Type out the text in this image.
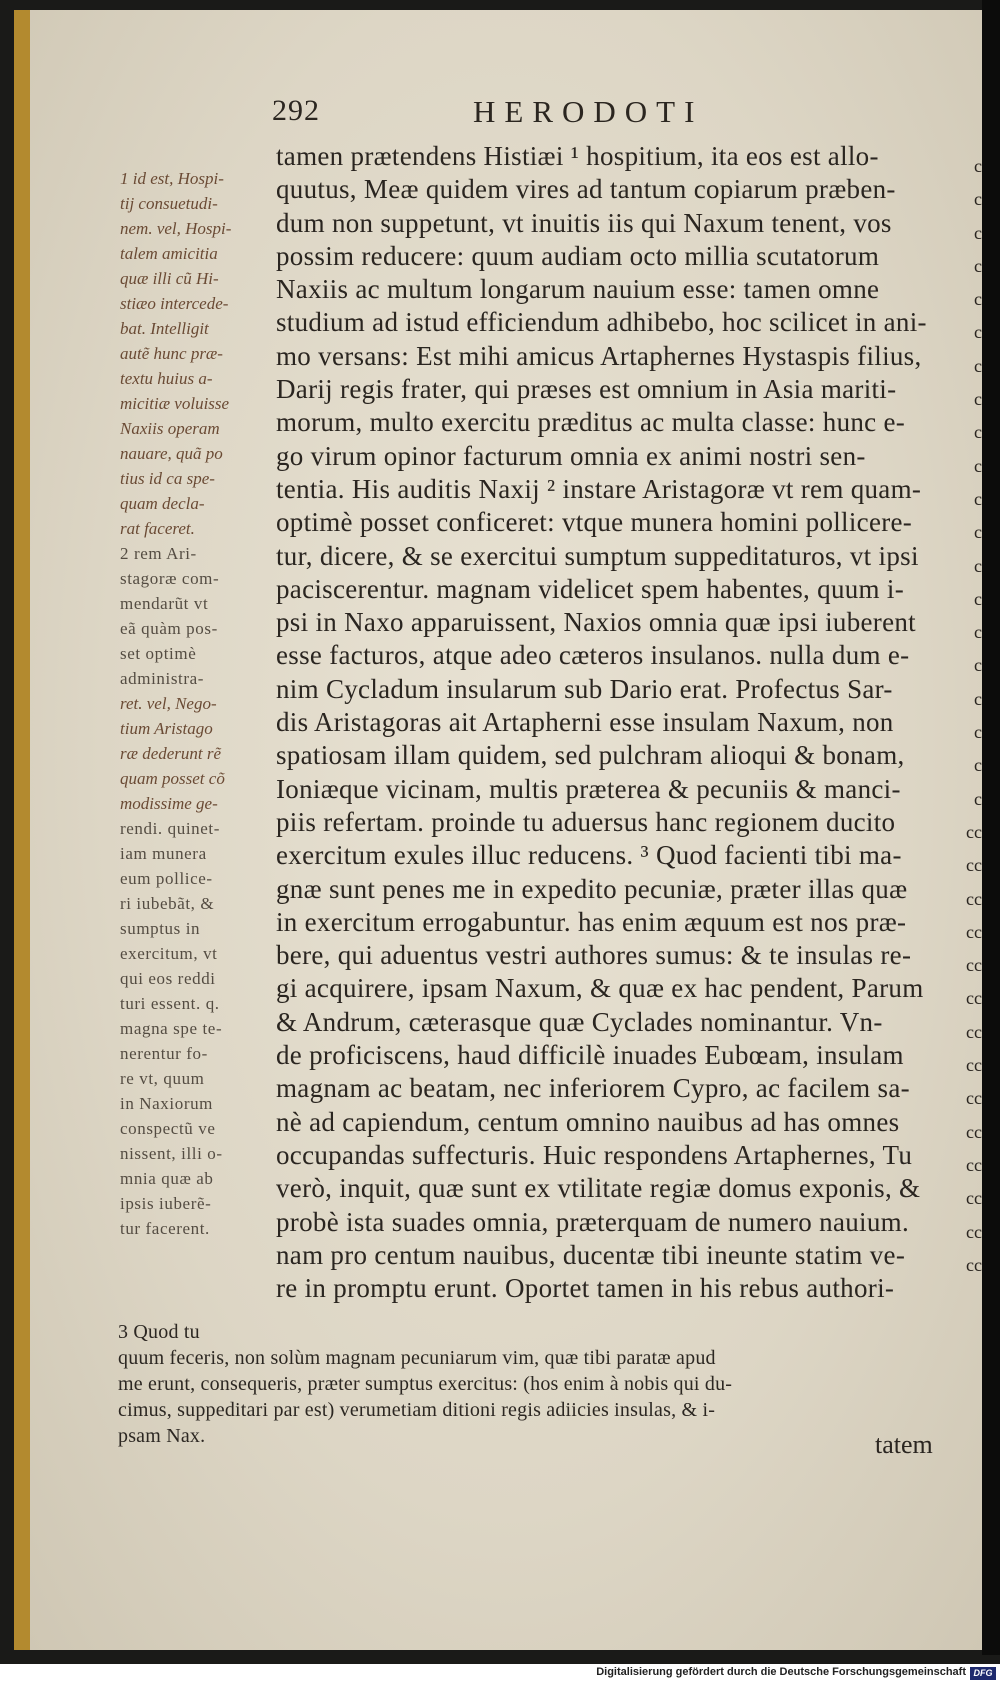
292	HERODOTI
1 id est, Hospi-
tij consuetudi-
nem. vel, Hospi-
talem amicitia
quæ illi cũ Hi-
stiæo intercede-
bat. Intelligit
autẽ hunc præ-
textu huius a-
micitiæ voluisse
Naxiis operam
nauare, quã po
tius id ca spe-
quam decla-
rat faceret.
2 rem Ari-
stagoræ com-
mendarũt vt
eã quàm pos-
set optimè
administra-
ret. vel, Nego-
tium Aristago
ræ dederunt rẽ
quam posset cõ
modissime ge-
rendi. quinet-
iam munera
eum pollice-
ri iubebãt, &
sumptus in
exercitum, vt
qui eos reddi
turi essent. q.
magna spe te-
nerentur fo-
re vt, quum
in Naxiorum
conspectũ ve
nissent, illi o-
mnia quæ ab
ipsis iuberẽ-
tur facerent.
tamen prætendens Histiæi ¹ hospitium, ita eos est allo-
quutus, Meæ quidem vires ad tantum copiarum præben-
dum non suppetunt, vt inuitis iis qui Naxum tenent, vos
possim reducere: quum audiam octo millia scutatorum
Naxiis ac multum longarum nauium esse: tamen omne
studium ad istud efficiendum adhibebo, hoc scilicet in ani-
mo versans: Est mihi amicus Artaphernes Hystaspis filius,
Darij regis frater, qui præses est omnium in Asia mariti-
morum, multo exercitu præditus ac multa classe: hunc e-
go virum opinor facturum omnia ex animi nostri sen-
tentia. His auditis Naxij ² instare Aristagoræ vt rem quam-
optimè posset conficeret: vtque munera homini pollicere-
tur, dicere, & se exercitui sumptum suppeditaturos, vt ipsi
paciscerentur. magnam videlicet spem habentes, quum i-
psi in Naxo apparuissent, Naxios omnia quæ ipsi iuberent
esse facturos, atque adeo cæteros insulanos. nulla dum e-
nim Cycladum insularum sub Dario erat. Profectus Sar-
dis Aristagoras ait Artapherni esse insulam Naxum, non
spatiosam illam quidem, sed pulchram alioqui & bonam,
Ioniæque vicinam, multis præterea & pecuniis & manci-
piis refertam. proinde tu aduersus hanc regionem ducito
exercitum exules illuc reducens. ³ Quod facienti tibi ma-
gnæ sunt penes me in expedito pecuniæ, præter illas quæ
in exercitum errogabuntur. has enim æquum est nos præ-
bere, qui aduentus vestri authores sumus: & te insulas re-
gi acquirere, ipsam Naxum, & quæ ex hac pendent, Parum
& Andrum, cæterasque quæ Cyclades nominantur. Vn-
de proficiscens, haud difficilè inuades Eubœam, insulam
magnam ac beatam, nec inferiorem Cypro, ac facilem sa-
nè ad capiendum, centum omnino nauibus ad has omnes
occupandas suffecturis. Huic respondens Artaphernes, Tu
verò, inquit, quæ sunt ex vtilitate regiæ domus exponis, &
probè ista suades omnia, præterquam de numero nauium.
nam pro centum nauibus, ducentæ tibi ineunte statim ve-
re in promptu erunt. Oportet tamen in his rebus authori-
c
c
c
c
c
c
c
c
c
c
c
c
c
c
c
c
c
c
c
c
cc
cc
cc
cc
cc
cc
cc
cc
cc
cc
cc
cc
cc
cc
3 Quod tu
quum feceris, non solùm magnam pecuniarum vim, quæ tibi paratæ apud
me erunt, consequeris, præter sumptus exercitus: (hos enim à nobis qui du-
cimus, suppeditari par est) verumetiam ditioni regis adiicies insulas, & i-
psam Nax.	tatem
Digitalisierung gefördert durch die Deutsche Forschungsgemeinschaft DFG
